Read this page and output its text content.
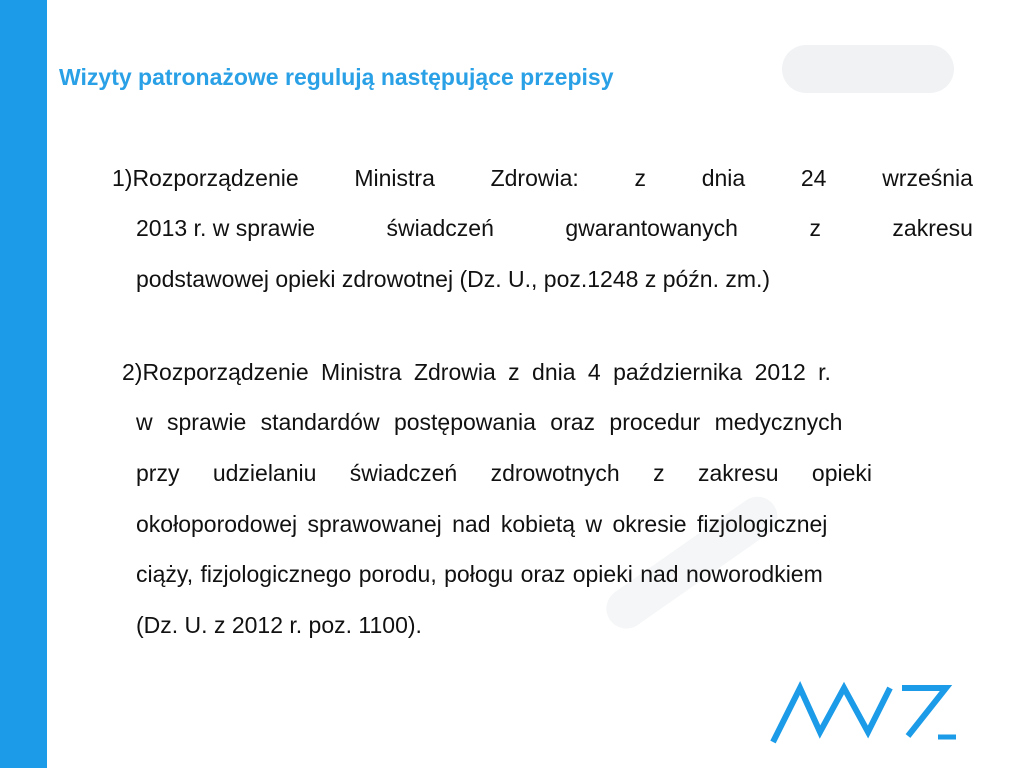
Wizyty patronażowe regulują następujące przepisy
1)Rozporządzenie Ministra Zdrowia: z dnia 24 września
2013 r. w sprawie	świadczeń	gwarantowanych	z	zakresu
podstawowej opieki zdrowotnej (Dz. U., poz.1248 z późn. zm.)
2)Rozporządzenie Ministra Zdrowia z dnia 4 października 2012 r.
w sprawie standardów postępowania oraz procedur medycznych
przy udzielaniu świadczeń zdrowotnych z zakresu opieki
okołoporodowej sprawowanej nad kobietą w okresie fizjologicznej
ciąży, fizjologicznego porodu, połogu oraz opieki nad noworodkiem
(Dz. U. z 2012 r. poz. 1100).
